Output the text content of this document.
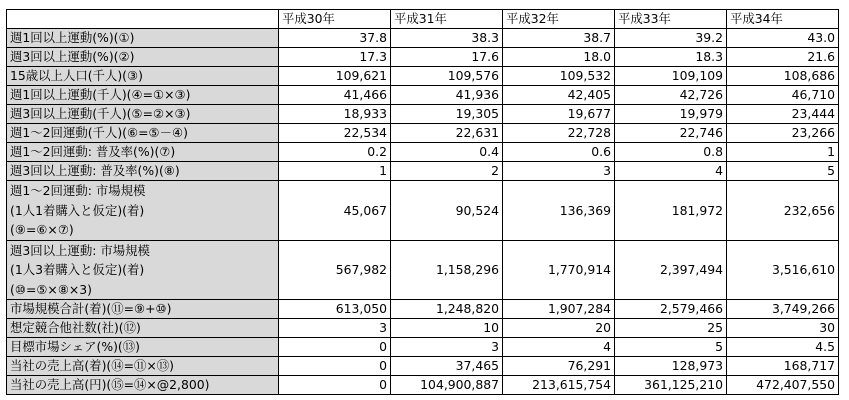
	平成30年	平成31年	平成32年	平成33年	平成34年

週1回以上運動(%)(①)	37.8	38.3	38.7	39.2	43.0

週3回以上運動(%)(②)	17.3	17.6	18.0	18.3	21.6

15歳以上人口(千人)(③)	109,621	109,576	109,532	109,109	108,686

週1回以上運動(千人)(④=①×③)	41,466	41,936	42,405	42,726	46,710

週3回以上運動(千人)(⑤=②×③)	18,933	19,305	19,677	19,979	23,444

週1～2回運動(千人)(⑥=⑤－④)	22,534	22,631	22,728	22,746	23,266

週1～2回運動: 普及率(%)(⑦)	0.2	0.4	0.6	0.8	1

週3回以上運動: 普及率(%)(⑧)	1	2	3	4	5

週1～2回運動: 市場規模
(1人1着購入と仮定)(着)
(⑨=⑥×⑦)	45,067	90,524	136,369	181,972	232,656

週3回以上運動: 市場規模
(1人3着購入と仮定)(着)
(⑩=⑤×⑧×3)	567,982	1,158,296	1,770,914	2,397,494	3,516,610

市場規模合計(着)(⑪=⑨+⑩)	613,050	1,248,820	1,907,284	2,579,466	3,749,266

想定競合他社数(社)(⑫)	3	10	20	25	30

目標市場シェア(%)(⑬)	0	3	4	5	4.5

当社の売上高(着)(⑭=⑪×⑬)	0	37,465	76,291	128,973	168,717

当社の売上高(円)(⑮=⑭×@2,800)	0	104,900,887	213,615,754	361,125,210	472,407,550
